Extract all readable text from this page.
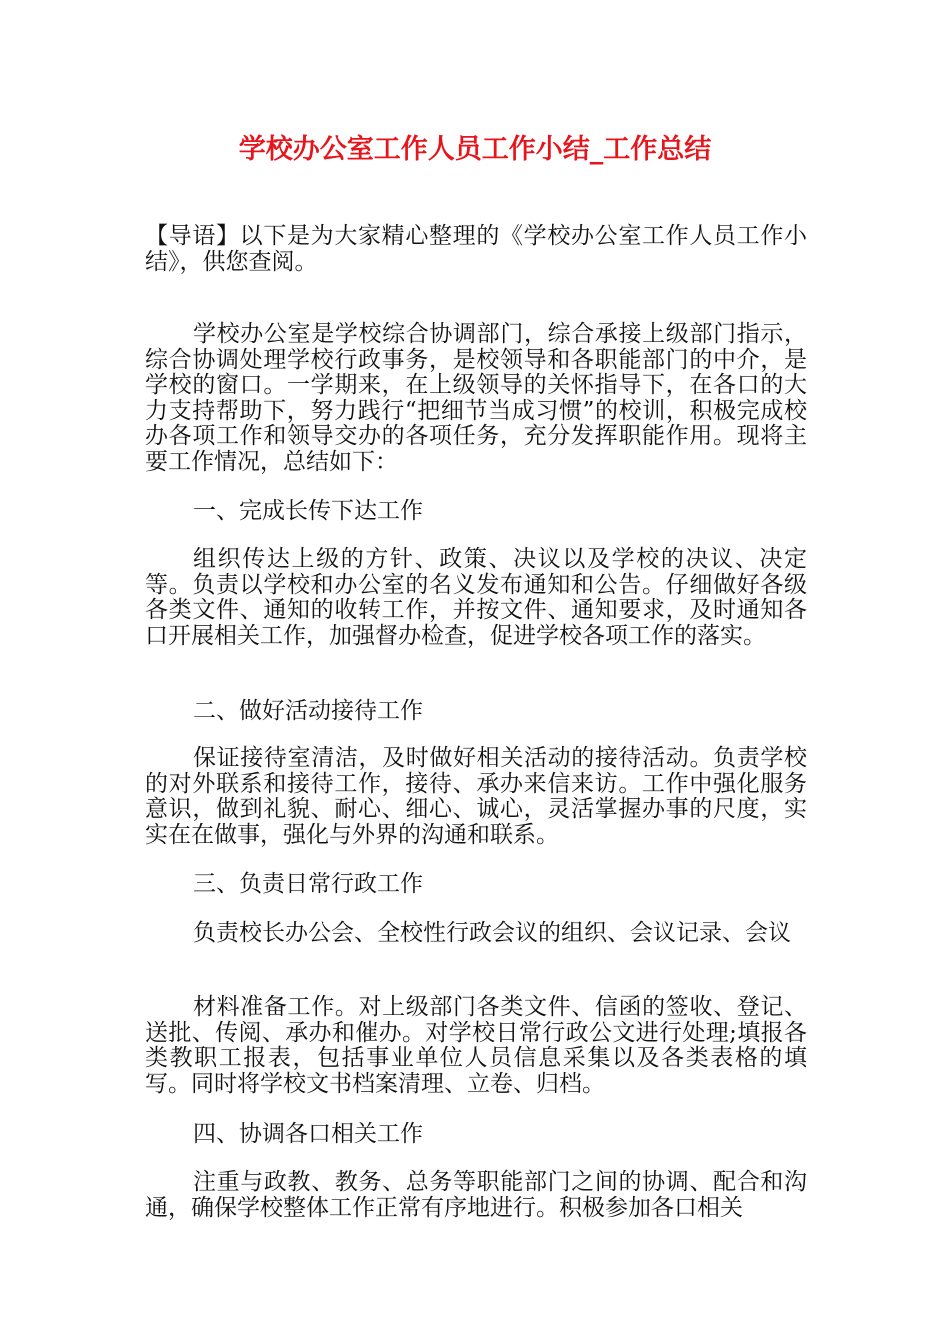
学校办公室工作人员工作小结_工作总结

【导语】以下是为大家精心整理的《学校办公室工作人员工作小结》，供您查阅。

学校办公室是学校综合协调部门，综合承接上级部门指示，综合协调处理学校行政事务，是校领导和各职能部门的中介，是学校的窗口。一学期来，在上级领导的关怀指导下，在各口的大力支持帮助下，努力践行“把细节当成习惯”的校训，积极完成校办各项工作和领导交办的各项任务，充分发挥职能作用。现将主要工作情况，总结如下：

一、完成长传下达工作

组织传达上级的方针、政策、决议以及学校的决议、决定等。负责以学校和办公室的名义发布通知和公告。仔细做好各级各类文件、通知的收转工作，并按文件、通知要求，及时通知各口开展相关工作，加强督办检查，促进学校各项工作的落实。

二、做好活动接待工作

保证接待室清洁，及时做好相关活动的接待活动。负责学校的对外联系和接待工作，接待、承办来信来访。工作中强化服务意识，做到礼貌、耐心、细心、诚心，灵活掌握办事的尺度，实实在在做事，强化与外界的沟通和联系。

三、负责日常行政工作

负责校长办公会、全校性行政会议的组织、会议记录、会议

材料准备工作。对上级部门各类文件、信函的签收、登记、送批、传阅、承办和催办。对学校日常行政公文进行处理;填报各类教职工报表，包括事业单位人员信息采集以及各类表格的填写。同时将学校文书档案清理、立卷、归档。

四、协调各口相关工作

注重与政教、教务、总务等职能部门之间的协调、配合和沟通，确保学校整体工作正常有序地进行。积极参加各口相关
